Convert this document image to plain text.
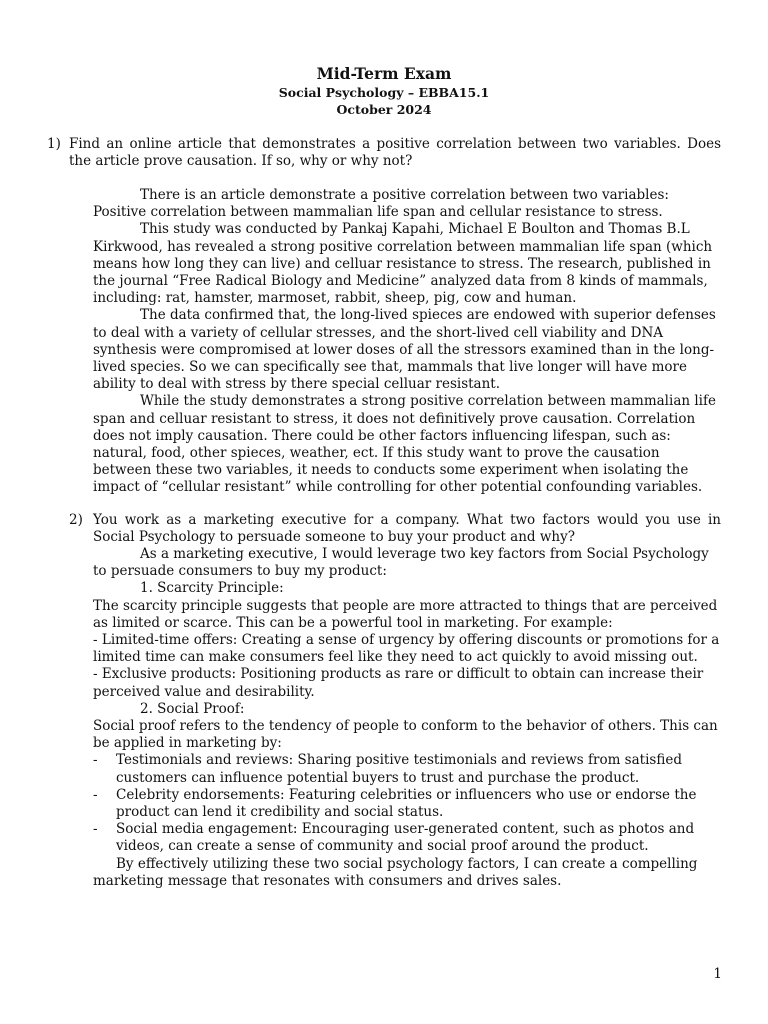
Mid-Term Exam
Social Psychology – EBBA15.1
October 2024
1) Find an online article that demonstrates a positive correlation between two variables. Does the article prove causation. If so, why or why not?

There is an article demonstrate a positive correlation between two variables: Positive correlation between mammalian life span and cellular resistance to stress.

This study was conducted by Pankaj Kapahi, Michael E Boulton and Thomas B.L Kirkwood, has revealed a strong positive correlation between mammalian life span (which means how long they can live) and celluar resistance to stress. The research, published in the journal “Free Radical Biology and Medicine” analyzed data from 8 kinds of mammals, including: rat, hamster, marmoset, rabbit, sheep, pig, cow and human.

The data confirmed that, the long-lived spieces are endowed with superior defenses to deal with a variety of cellular stresses, and the short-lived cell viability and DNA synthesis were compromised at lower doses of all the stressors examined than in the long-lived species. So we can specifically see that, mammals that live longer will have more ability to deal with stress by there special celluar resistant.

While the study demonstrates a strong positive correlation between mammalian life span and celluar resistant to stress, it does not definitively prove causation. Correlation does not imply causation. There could be other factors influencing lifespan, such as: natural, food, other spieces, weather, ect. If this study want to prove the causation between these two variables, it needs to conducts some experiment when isolating the impact of “cellular resistant” while controlling for other potential confounding variables.

2) You work as a marketing executive for a company. What two factors would you use in Social Psychology to persuade someone to buy your product and why?

As a marketing executive, I would leverage two key factors from Social Psychology to persuade consumers to buy my product:

1. Scarcity Principle:

The scarcity principle suggests that people are more attracted to things that are perceived as limited or scarce. This can be a powerful tool in marketing. For example:

- Limited-time offers: Creating a sense of urgency by offering discounts or promotions for a limited time can make consumers feel like they need to act quickly to avoid missing out.

- Exclusive products: Positioning products as rare or difficult to obtain can increase their perceived value and desirability.

2. Social Proof:

Social proof refers to the tendency of people to conform to the behavior of others. This can be applied in marketing by:

- Testimonials and reviews: Sharing positive testimonials and reviews from satisfied customers can influence potential buyers to trust and purchase the product.
- Celebrity endorsements: Featuring celebrities or influencers who use or endorse the product can lend it credibility and social status.
- Social media engagement: Encouraging user-generated content, such as photos and videos, can create a sense of community and social proof around the product.

By effectively utilizing these two social psychology factors, I can create a compelling marketing message that resonates with consumers and drives sales.

1
